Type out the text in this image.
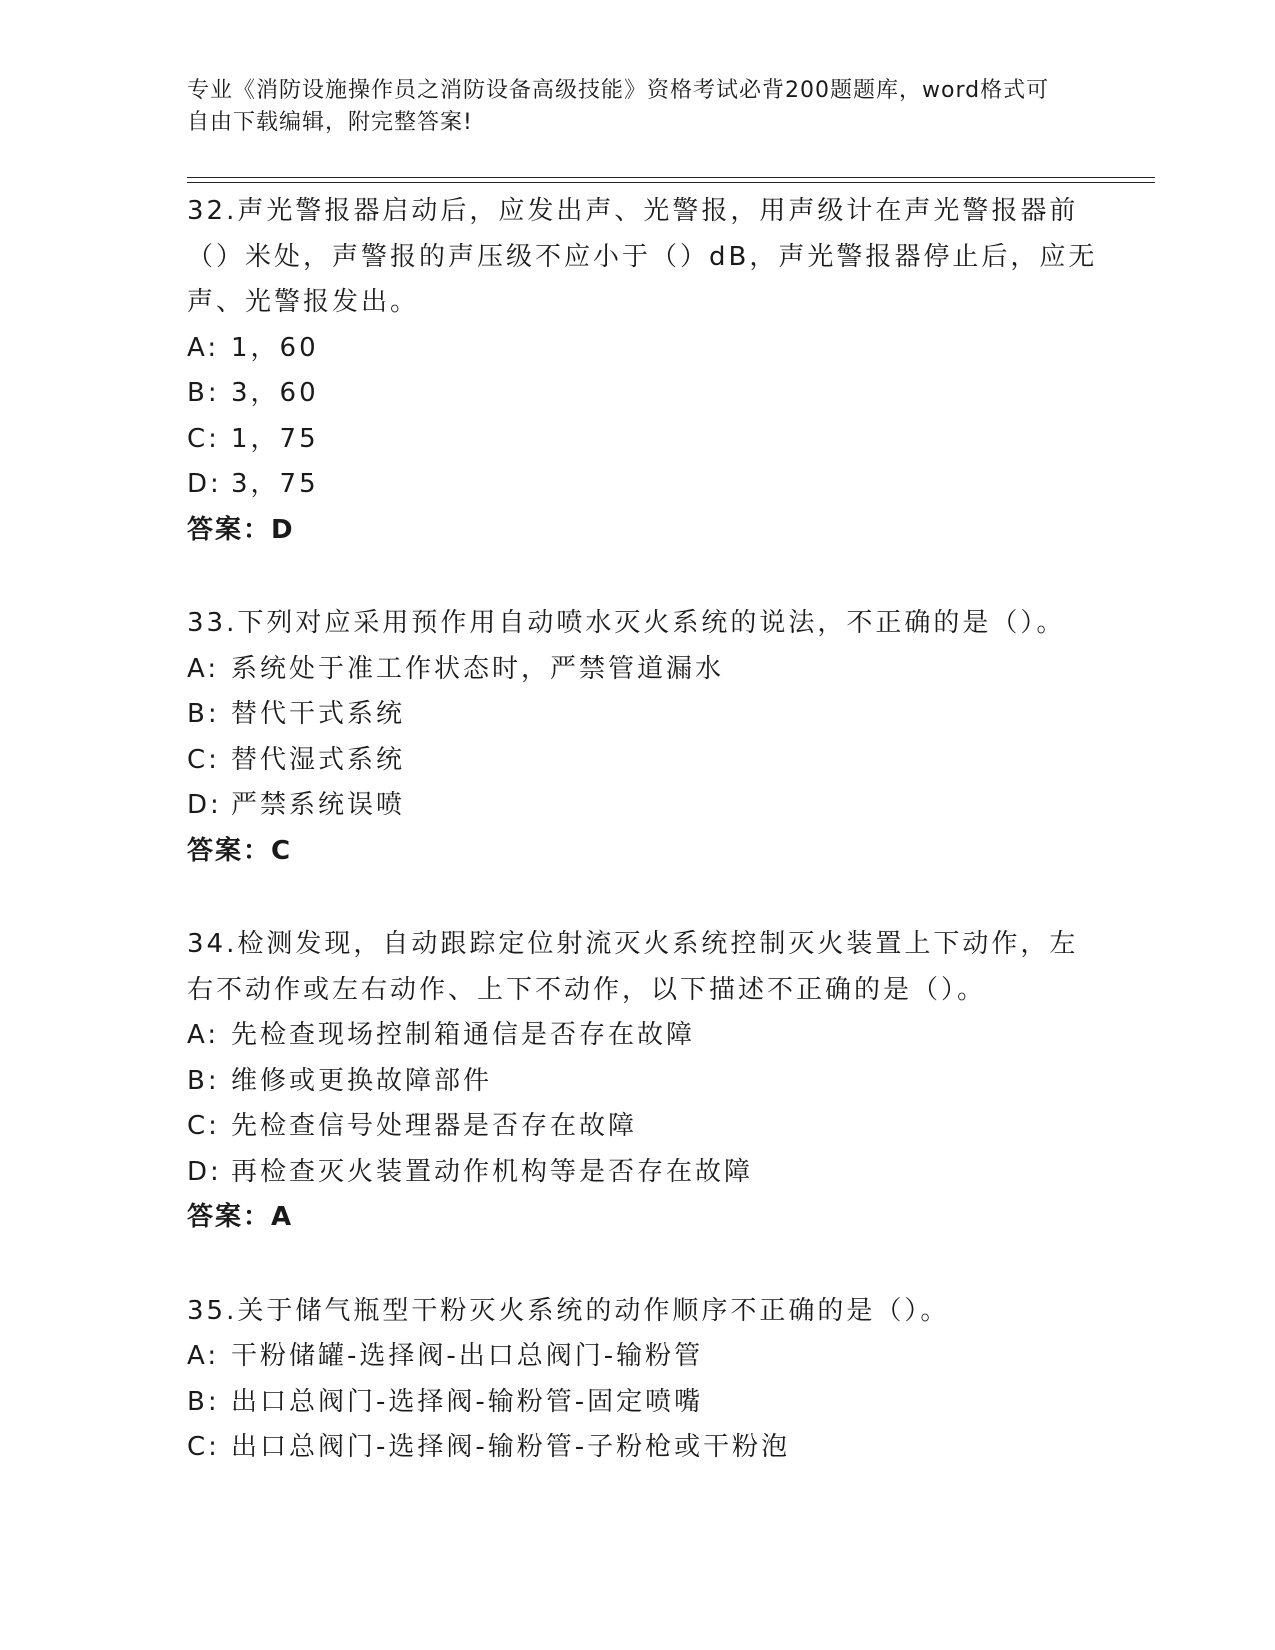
专业《消防设施操作员之消防设备高级技能》资格考试必背200题题库，word格式可自由下载编辑，附完整答案!

32.声光警报器启动后，应发出声、光警报，用声级计在声光警报器前（）米处，声警报的声压级不应小于（）dB，声光警报器停止后，应无声、光警报发出。

A: 1，60
B: 3，60
C: 1，75
D: 3，75
答案：D

33.下列对应采用预作用自动喷水灭火系统的说法，不正确的是（）。

A: 系统处于准工作状态时，严禁管道漏水
B: 替代干式系统
C: 替代湿式系统
D: 严禁系统误喷
答案：C

34.检测发现，自动跟踪定位射流灭火系统控制灭火装置上下动作，左右不动作或左右动作、上下不动作，以下描述不正确的是（）。

A: 先检查现场控制箱通信是否存在故障
B: 维修或更换故障部件
C: 先检查信号处理器是否存在故障
D: 再检查灭火装置动作机构等是否存在故障
答案：A

35.关于储气瓶型干粉灭火系统的动作顺序不正确的是（）。

A: 干粉储罐-选择阀-出口总阀门-输粉管
B: 出口总阀门-选择阀-输粉管-固定喷嘴
C: 出口总阀门-选择阀-输粉管-子粉枪或干粉泡
